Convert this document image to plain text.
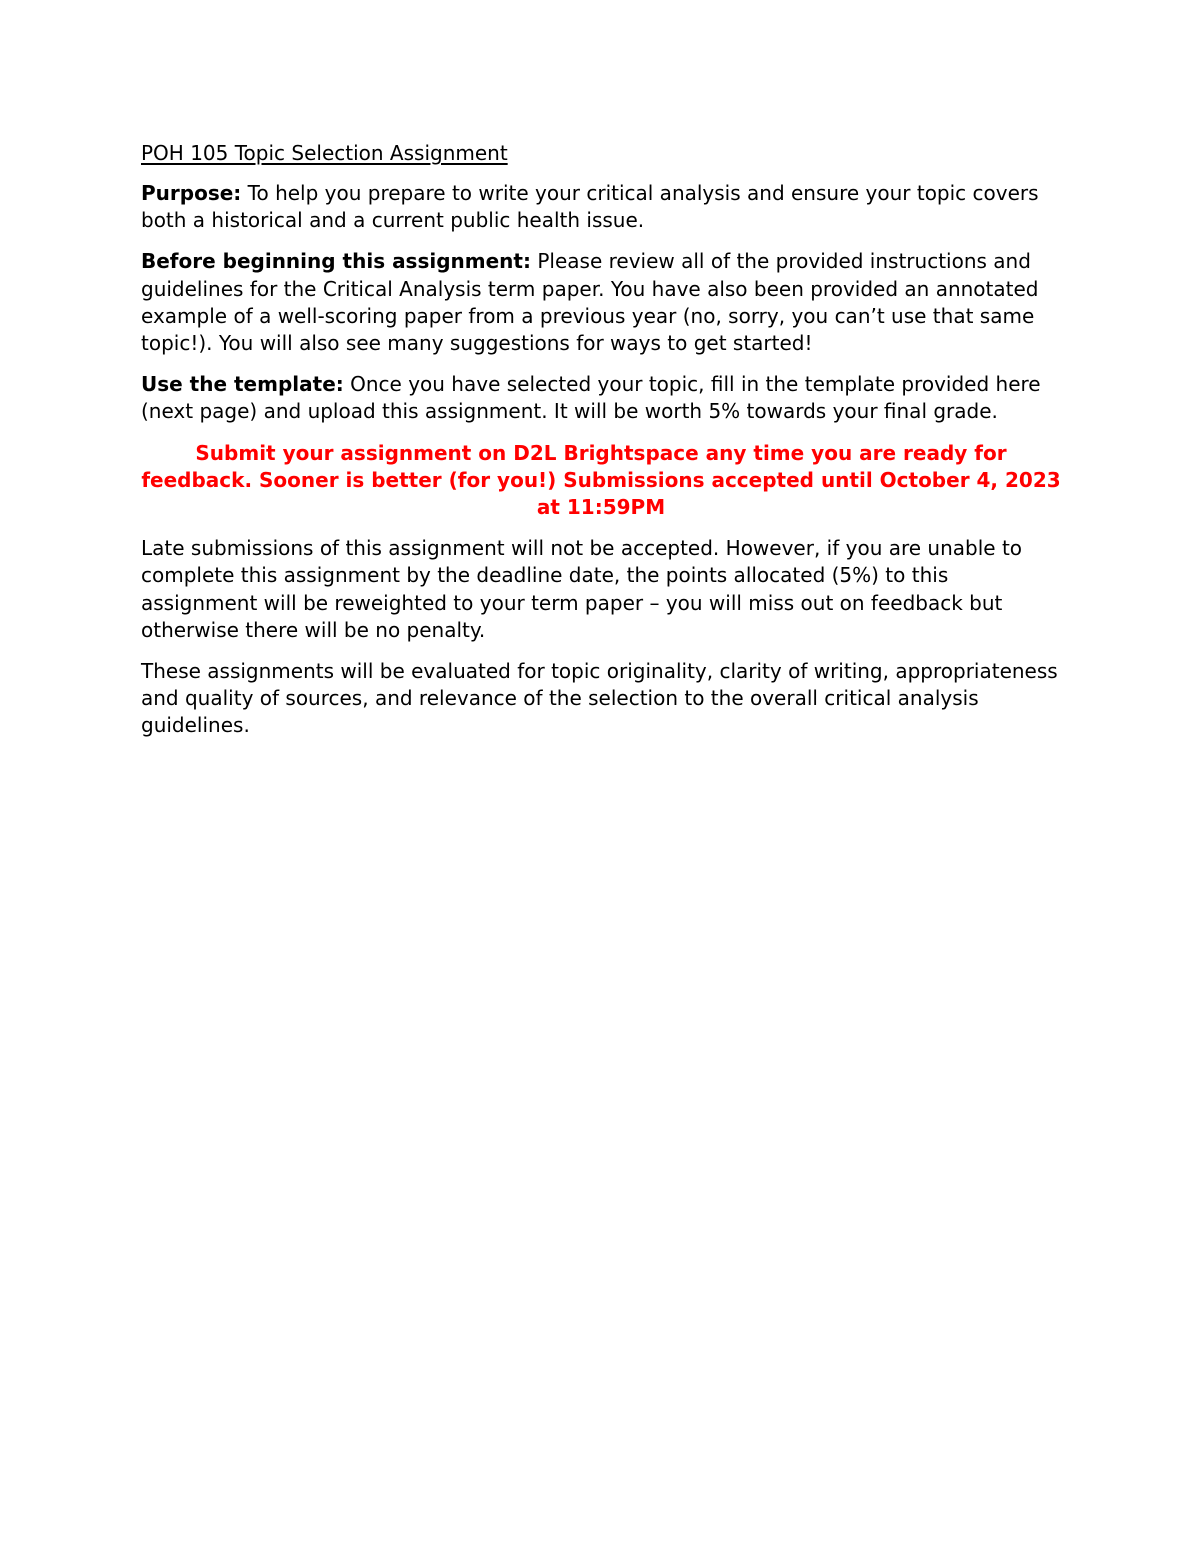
POH 105 Topic Selection Assignment

Purpose: To help you prepare to write your critical analysis and ensure your topic covers both a historical and a current public health issue.

Before beginning this assignment: Please review all of the provided instructions and guidelines for the Critical Analysis term paper. You have also been provided an annotated example of a well-scoring paper from a previous year (no, sorry, you can’t use that same topic!). You will also see many suggestions for ways to get started!

Use the template: Once you have selected your topic, fill in the template provided here (next page) and upload this assignment. It will be worth 5% towards your final grade.

Submit your assignment on D2L Brightspace any time you are ready for feedback. Sooner is better (for you!) Submissions accepted until October 4, 2023 at 11:59PM

Late submissions of this assignment will not be accepted. However, if you are unable to complete this assignment by the deadline date, the points allocated (5%) to this assignment will be reweighted to your term paper – you will miss out on feedback but otherwise there will be no penalty.

These assignments will be evaluated for topic originality, clarity of writing, appropriateness and quality of sources, and relevance of the selection to the overall critical analysis guidelines.
